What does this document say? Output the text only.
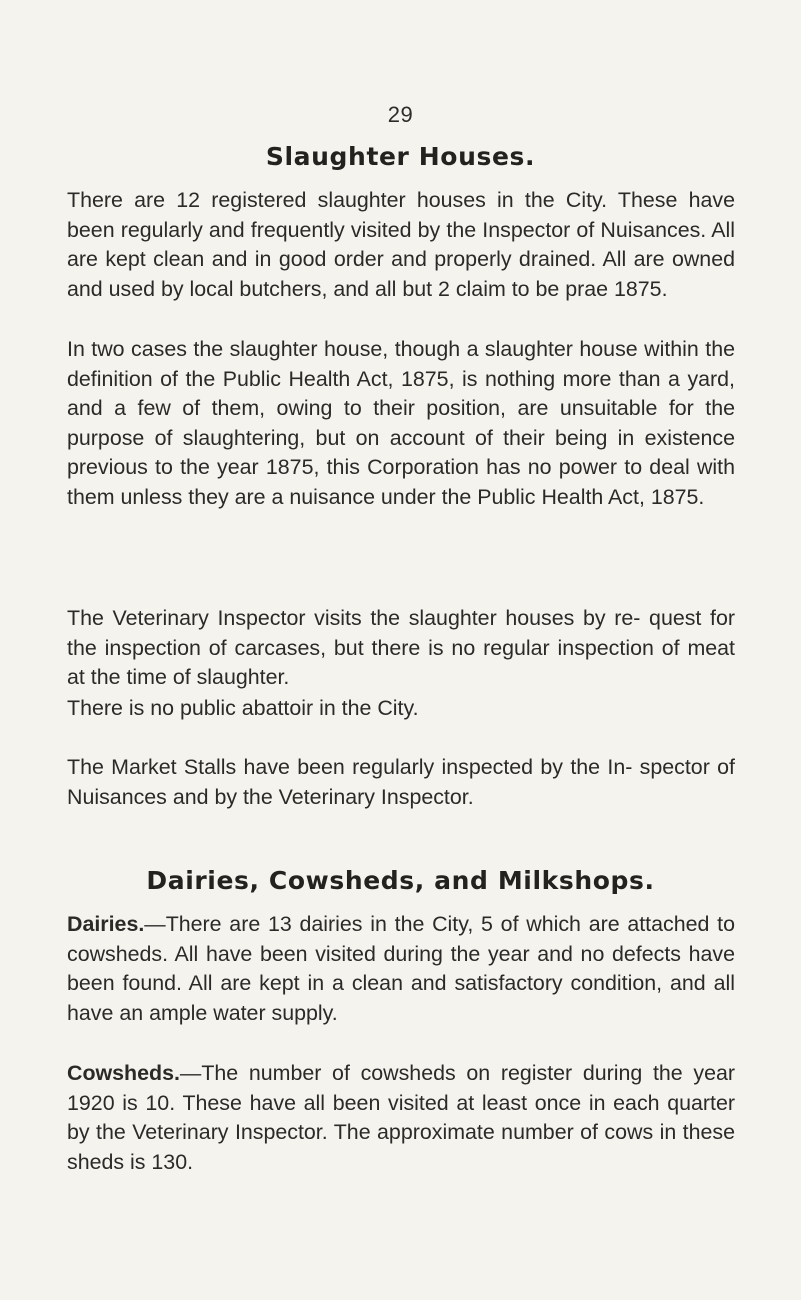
29
Slaughter Houses.

There are 12 registered slaughter houses in the City. These have been regularly and frequently visited by the Inspector of Nuisances. All are kept clean and in good order and properly drained. All are owned and used by local butchers, and all but 2 claim to be prae 1875.

In two cases the slaughter house, though a slaughter house within the definition of the Public Health Act, 1875, is nothing more than a yard, and a few of them, owing to their position, are unsuitable for the purpose of slaughtering, but on account of their being in existence previous to the year 1875, this Corporation has no power to deal with them unless they are a nuisance under the Public Health Act, 1875.

The Veterinary Inspector visits the slaughter houses by re- quest for the inspection of carcases, but there is no regular inspection of meat at the time of slaughter.

There is no public abattoir in the City.

The Market Stalls have been regularly inspected by the In- spector of Nuisances and by the Veterinary Inspector.

Dairies, Cowsheds, and Milkshops.

Dairies.—There are 13 dairies in the City, 5 of which are attached to cowsheds. All have been visited during the year and no defects have been found. All are kept in a clean and satisfactory condition, and all have an ample water supply.

Cowsheds.—The number of cowsheds on register during the year 1920 is 10. These have all been visited at least once in each quarter by the Veterinary Inspector. The approximate number of cows in these sheds is 130.
